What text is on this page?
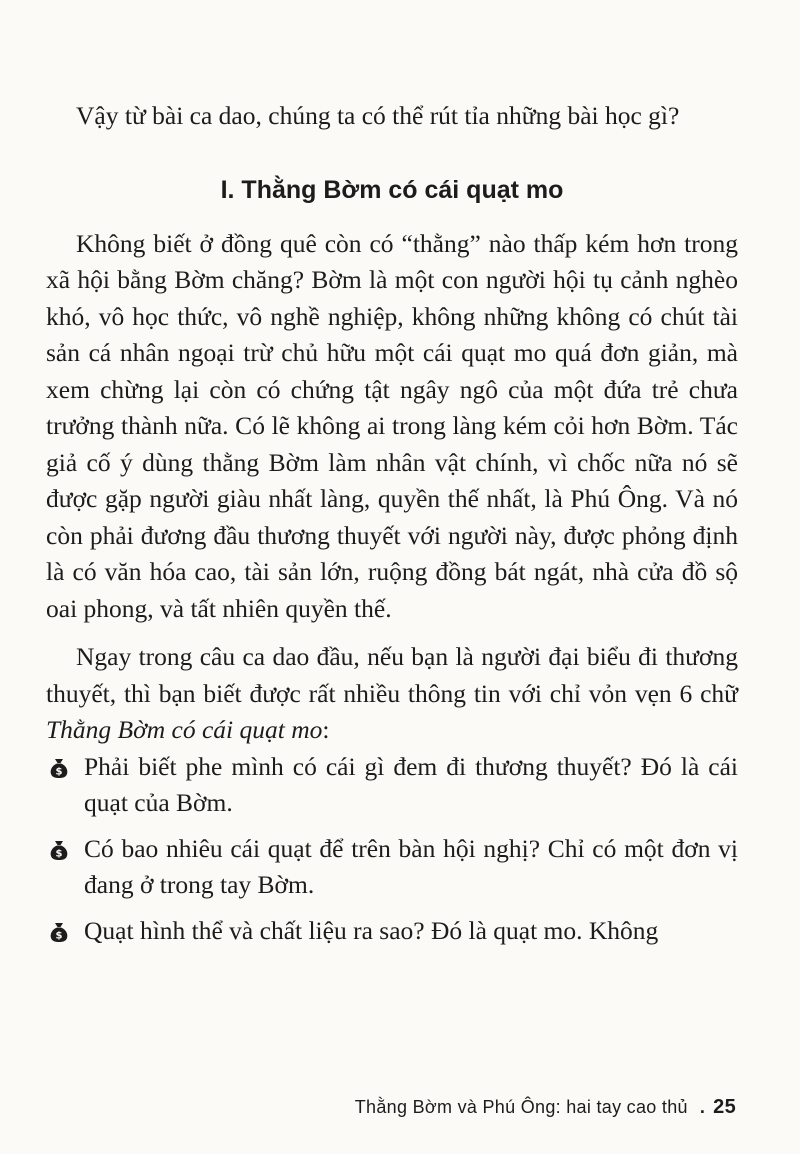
Vậy từ bài ca dao, chúng ta có thể rút tỉa những bài học gì?

I. Thằng Bờm có cái quạt mo

Không biết ở đồng quê còn có “thằng” nào thấp kém hơn trong xã hội bằng Bờm chăng? Bờm là một con người hội tụ cảnh nghèo khó, vô học thức, vô nghề nghiệp, không những không có chút tài sản cá nhân ngoại trừ chủ hữu một cái quạt mo quá đơn giản, mà xem chừng lại còn có chứng tật ngây ngô của một đứa trẻ chưa trưởng thành nữa. Có lẽ không ai trong làng kém cỏi hơn Bờm. Tác giả cố ý dùng thằng Bờm làm nhân vật chính, vì chốc nữa nó sẽ được gặp người giàu nhất làng, quyền thế nhất, là Phú Ông. Và nó còn phải đương đầu thương thuyết với người này, được phỏng định là có văn hóa cao, tài sản lớn, ruộng đồng bát ngát, nhà cửa đồ sộ oai phong, và tất nhiên quyền thế.

Ngay trong câu ca dao đầu, nếu bạn là người đại biểu đi thương thuyết, thì bạn biết được rất nhiều thông tin với chỉ vỏn vẹn 6 chữ Thằng Bờm có cái quạt mo:

$ Phải biết phe mình có cái gì đem đi thương thuyết? Đó là cái quạt của Bờm.
$ Có bao nhiêu cái quạt để trên bàn hội nghị? Chỉ có một đơn vị đang ở trong tay Bờm.
$ Quạt hình thể và chất liệu ra sao? Đó là quạt mo. Không
Thằng Bờm và Phú Ông: hai tay cao thủ . 25
